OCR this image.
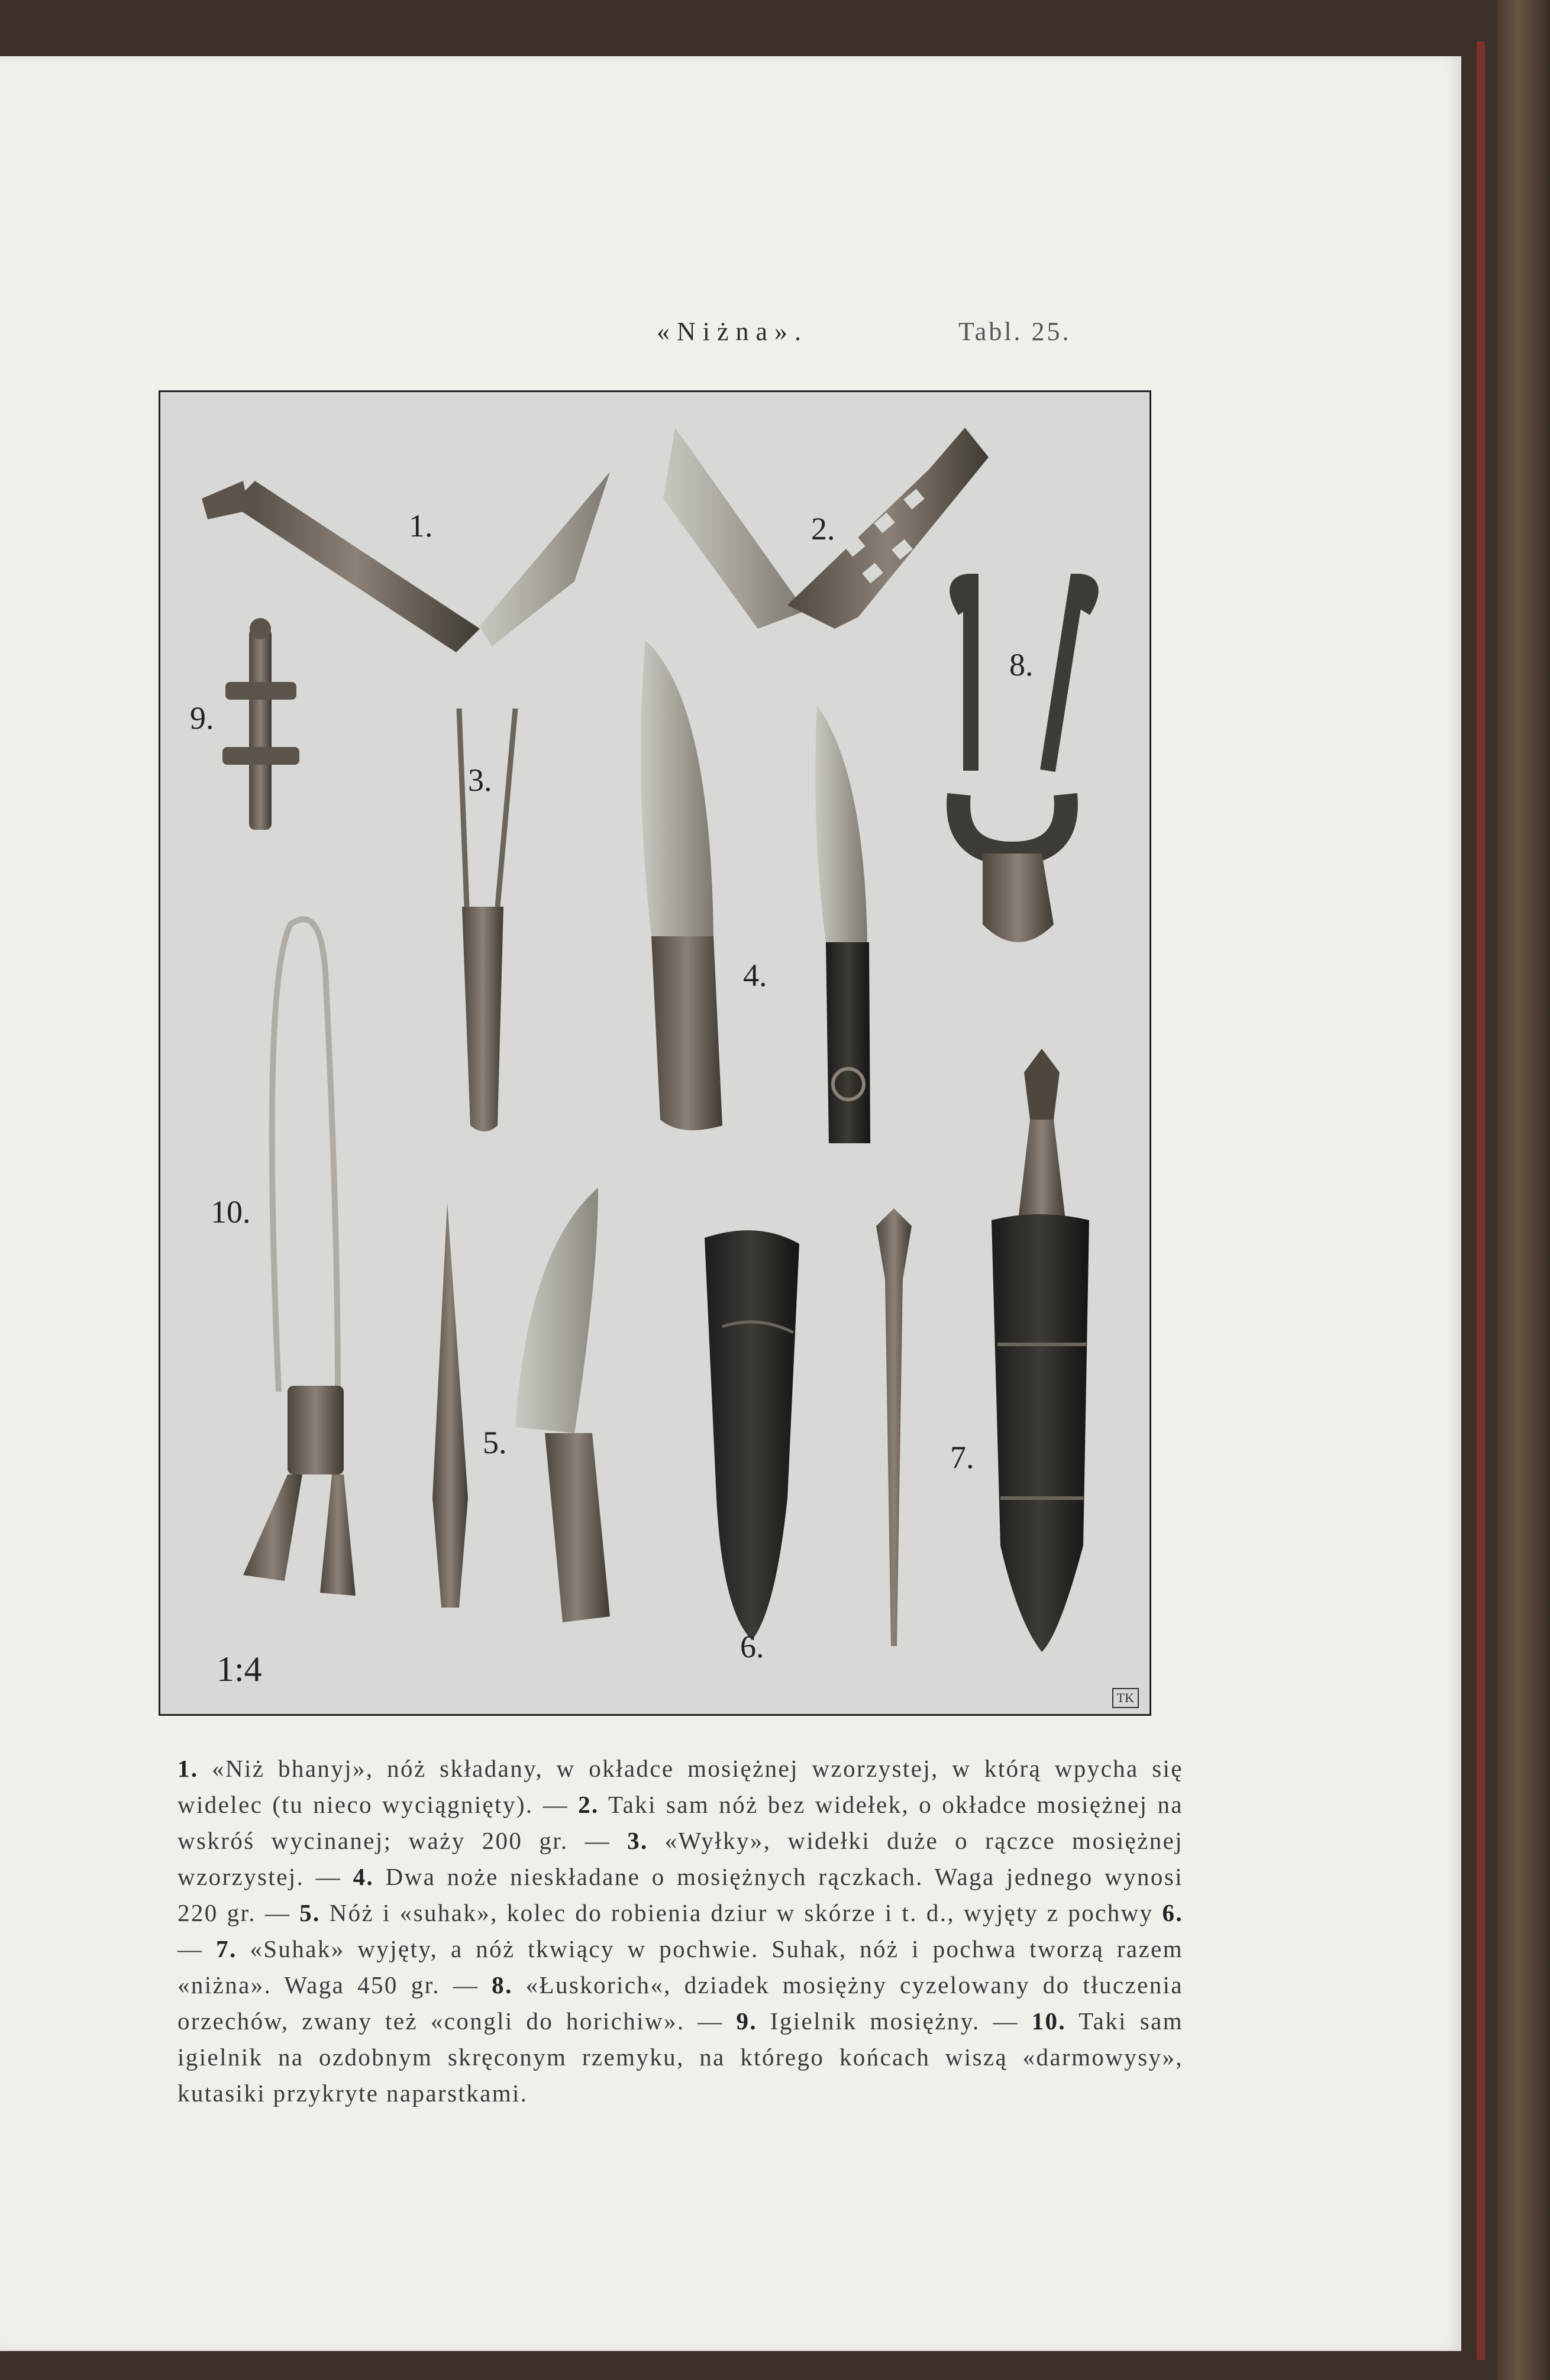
«Niżna».	Tabl. 25.
1.	2.
3.
4.
5.
6.
7.
8.
9.
10.
1:4
TK
1. «Niż bhanyj», nóż składany, w okładce mosiężnej wzorzystej, w którą wpycha się widelec (tu nieco wyciągnięty). — 2. Taki sam nóż bez widełek, o okładce mosiężnej na wskróś wycinanej; waży 200 gr. — 3. «Wyłky», widełki duże o rączce mosiężnej wzorzystej. — 4. Dwa noże nieskładane o mosiężnych rączkach. Waga jednego wynosi 220 gr. — 5. Nóż i «suhak», kolec do robienia dziur w skórze i t. d., wyjęty z pochwy 6. — 7. «Suhak» wyjęty, a nóż tkwiący w pochwie. Suhak, nóż i pochwa tworzą razem «niżna». Waga 450 gr. — 8. «Łuskorich«, dziadek mosiężny cyzelowany do tłuczenia orzechów, zwany też «congli do horichiw». — 9. Igielnik mosiężny. — 10. Taki sam igielnik na ozdobnym skręconym rzemyku, na którego końcach wiszą «darmowysy», kutasiki przykryte naparstkami.
